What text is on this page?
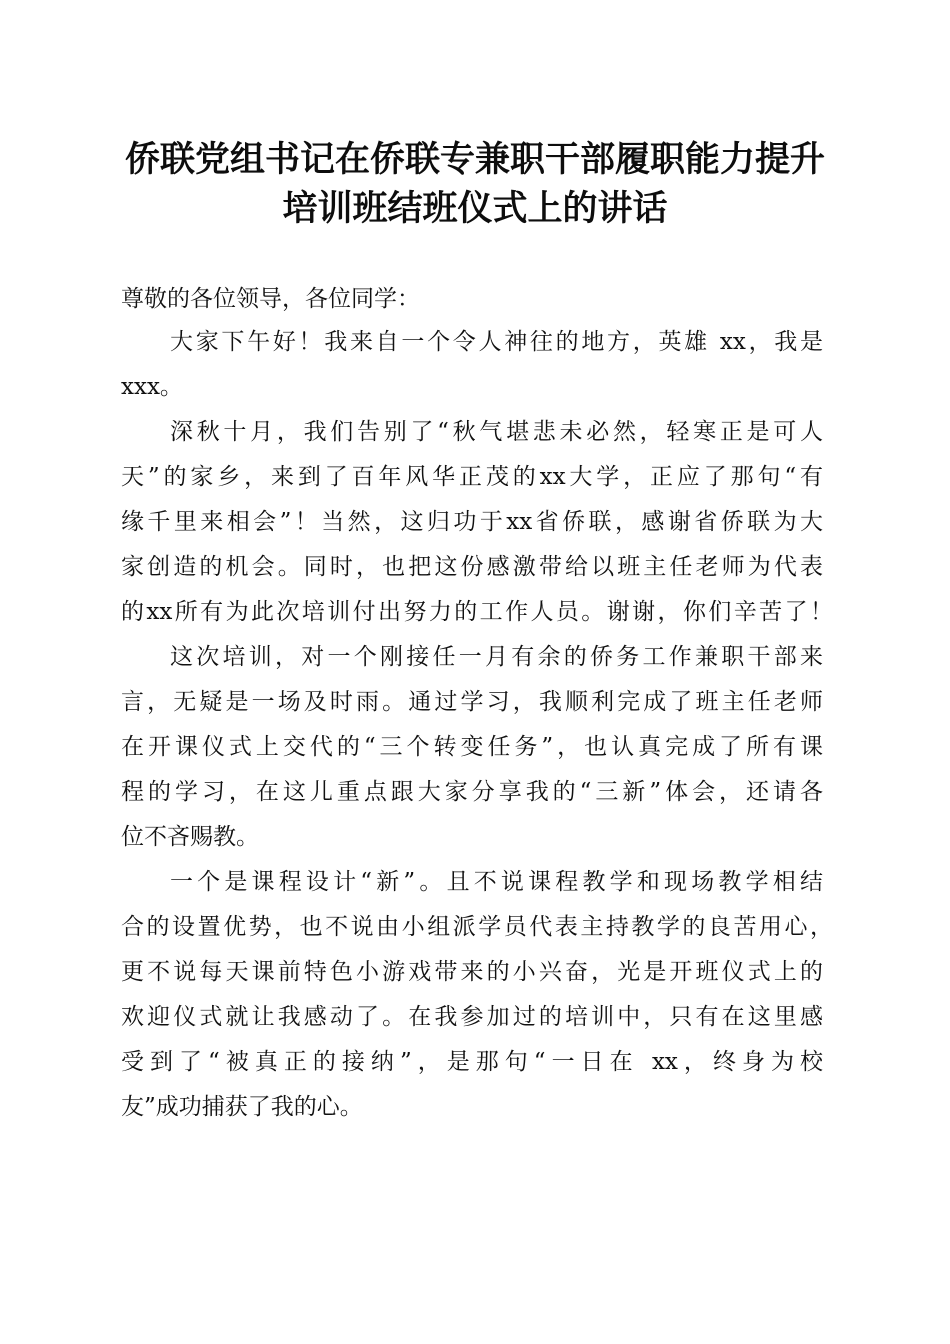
侨联党组书记在侨联专兼职干部履职能力提升
培训班结班仪式上的讲话
尊敬的各位领导，各位同学：
大家下午好！我来自一个令人神往的地方，英雄 xx，我是
xxx。
深秋十月，我们告别了“秋气堪悲未必然，轻寒正是可人
天”的家乡，来到了百年风华正茂的xx大学，正应了那句“有
缘千里来相会”！当然，这归功于xx省侨联，感谢省侨联为大
家创造的机会。同时，也把这份感激带给以班主任老师为代表
的xx所有为此次培训付出努力的工作人员。谢谢，你们辛苦了！
这次培训，对一个刚接任一月有余的侨务工作兼职干部来
言，无疑是一场及时雨。通过学习，我顺利完成了班主任老师
在开课仪式上交代的“三个转变任务”，也认真完成了所有课
程的学习，在这儿重点跟大家分享我的“三新”体会，还请各
位不吝赐教。
一个是课程设计“新”。且不说课程教学和现场教学相结
合的设置优势，也不说由小组派学员代表主持教学的良苦用心，
更不说每天课前特色小游戏带来的小兴奋，光是开班仪式上的
欢迎仪式就让我感动了。在我参加过的培训中，只有在这里感
受到了“被真正的接纳”，是那句“一日在 xx，终身为校
友”成功捕获了我的心。
